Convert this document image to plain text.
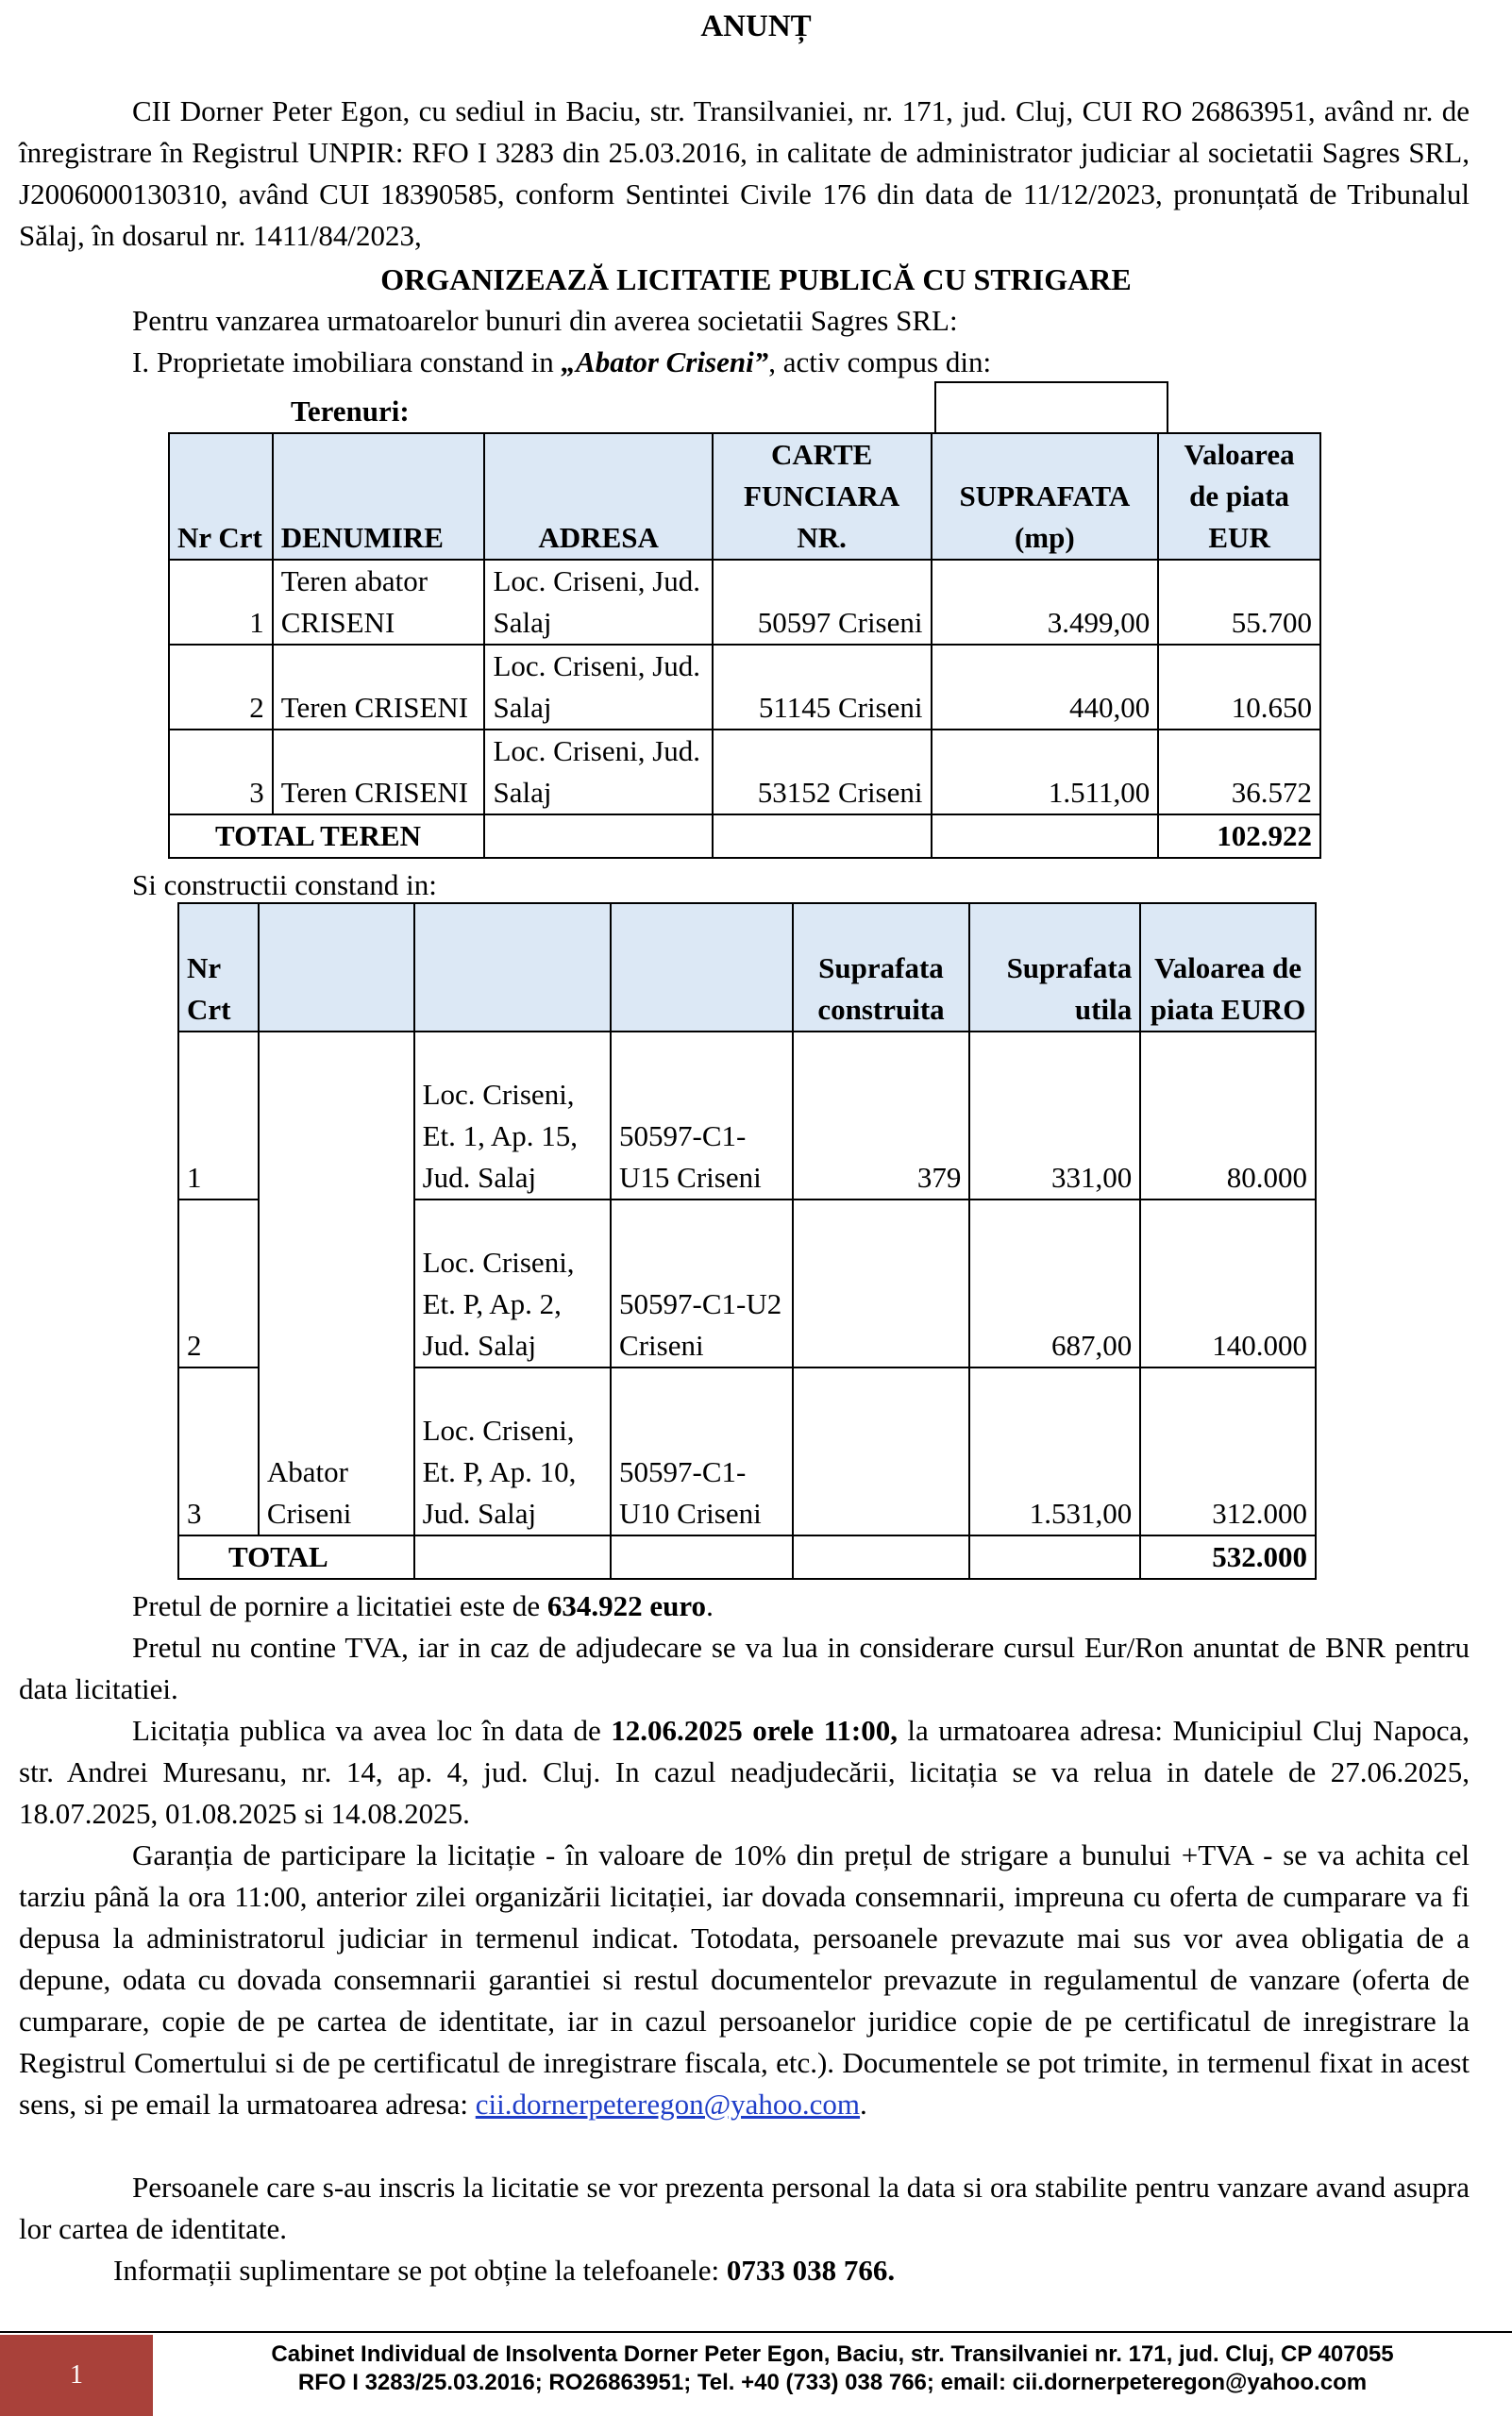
ANUNȚ
CII Dorner Peter Egon, cu sediul in Baciu, str. Transilvaniei, nr. 171, jud. Cluj, CUI RO 26863951, având nr. de înregistrare în Registrul UNPIR: RFO I 3283 din 25.03.2016, in calitate de administrator judiciar al societatii Sagres SRL, J2006000130310, având CUI 18390585, conform Sentintei Civile 176 din data de 11/12/2023, pronunțată de Tribunalul Sălaj, în dosarul nr. 1411/84/2023,
ORGANIZEAZĂ LICITATIE PUBLICĂ CU STRIGARE
Pentru vanzarea urmatoarelor bunuri din averea societatii Sagres SRL:
I. Proprietate imobiliara constand in „Abator Criseni”, activ compus din:
Terenuri:
Nr Crt	DENUMIRE	ADRESA	CARTE FUNCIARA NR.	SUPRAFATA (mp)	Valoarea de piata EUR
1	Teren abator CRISENI	Loc. Criseni, Jud. Salaj	50597 Criseni	3.499,00	55.700
2	Teren CRISENI	Loc. Criseni, Jud. Salaj	51145 Criseni	440,00	10.650
3	Teren CRISENI	Loc. Criseni, Jud. Salaj	53152 Criseni	1.511,00	36.572
TOTAL TEREN					102.922
Si constructii constand in:
Nr Crt				Suprafata construita	Suprafata utila	Valoarea de piata EURO
1	Abator Criseni	Loc. Criseni, Et. 1, Ap. 15, Jud. Salaj	50597-C1-U15 Criseni	379	331,00	80.000
2		Loc. Criseni, Et. P, Ap. 2, Jud. Salaj	50597-C1-U2 Criseni		687,00	140.000
3		Loc. Criseni, Et. P, Ap. 10, Jud. Salaj	50597-C1-U10 Criseni		1.531,00	312.000
TOTAL						532.000
Pretul de pornire a licitatiei este de 634.922 euro.
Pretul nu contine TVA, iar in caz de adjudecare se va lua in considerare cursul Eur/Ron anuntat de BNR pentru data licitatiei.
Licitația publica va avea loc în data de 12.06.2025 orele 11:00, la urmatoarea adresa: Municipiul Cluj Napoca, str. Andrei Muresanu, nr. 14, ap. 4, jud. Cluj. In cazul neadjudecării, licitația se va relua in datele de 27.06.2025, 18.07.2025, 01.08.2025 si 14.08.2025.
Garanția de participare la licitație - în valoare de 10% din prețul de strigare a bunului +TVA - se va achita cel tarziu până la ora 11:00, anterior zilei organizării licitației, iar dovada consemnarii, impreuna cu oferta de cumparare va fi depusa la administratorul judiciar in termenul indicat. Totodata, persoanele prevazute mai sus vor avea obligatia de a depune, odata cu dovada consemnarii garantiei si restul documentelor prevazute in regulamentul de vanzare (oferta de cumparare, copie de pe cartea de identitate, iar in cazul persoanelor juridice copie de pe certificatul de inregistrare la Registrul Comertului si de pe certificatul de inregistrare fiscala, etc.). Documentele se pot trimite, in termenul fixat in acest sens, si pe email la urmatoarea adresa: cii.dornerpeteregon@yahoo.com.
Persoanele care s-au inscris la licitatie se vor prezenta personal la data si ora stabilite pentru vanzare avand asupra lor cartea de identitate.
Informații suplimentare se pot obține la telefoanele: 0733 038 766.
1
Cabinet Individual de Insolventa Dorner Peter Egon, Baciu, str. Transilvaniei nr. 171, jud. Cluj, CP 407055
RFO I 3283/25.03.2016; RO26863951; Tel. +40 (733) 038 766; email: cii.dornerpeteregon@yahoo.com
